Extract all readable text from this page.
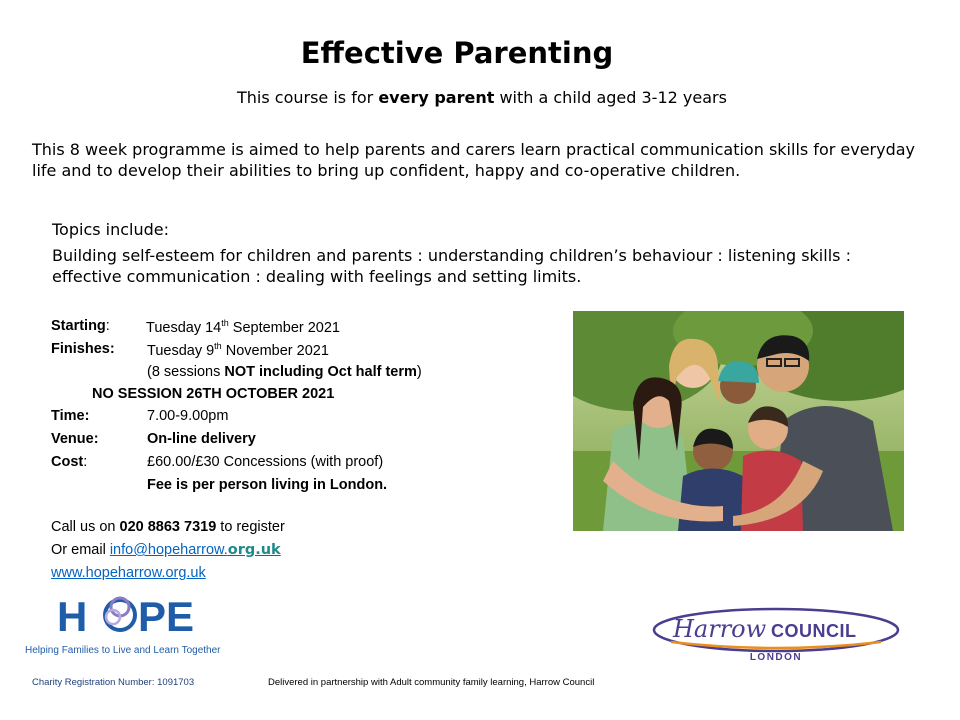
Effective Parenting
This course is for every parent with a child aged 3-12 years
This 8 week programme is aimed to help parents and carers learn practical communication skills for everyday life and to develop their abilities to bring up confident, happy and co-operative children.
Topics include:
Building self-esteem for children and parents : understanding children’s behaviour : listening skills : effective communication : dealing with feelings and setting limits.
Starting: Tuesday 14th September 2021
Finishes: Tuesday 9th November 2021
(8 sessions NOT including Oct half term)
NO SESSION 26TH OCTOBER 2021
Time:	7.00-9.00pm
Venue:	On-line delivery
Cost:	£60.00/£30 Concessions (with proof)
Fee is per person living in London.
Call us on 020 8863 7319 to register
Or email info@hopeharrow.org.uk
www.hopeharrow.org.uk
H PE
Helping Families to Live and Learn Together
Harrow COUNCIL
LONDON
Charity Registration Number: 1091703	Delivered in partnership with Adult community family learning, Harrow Council
